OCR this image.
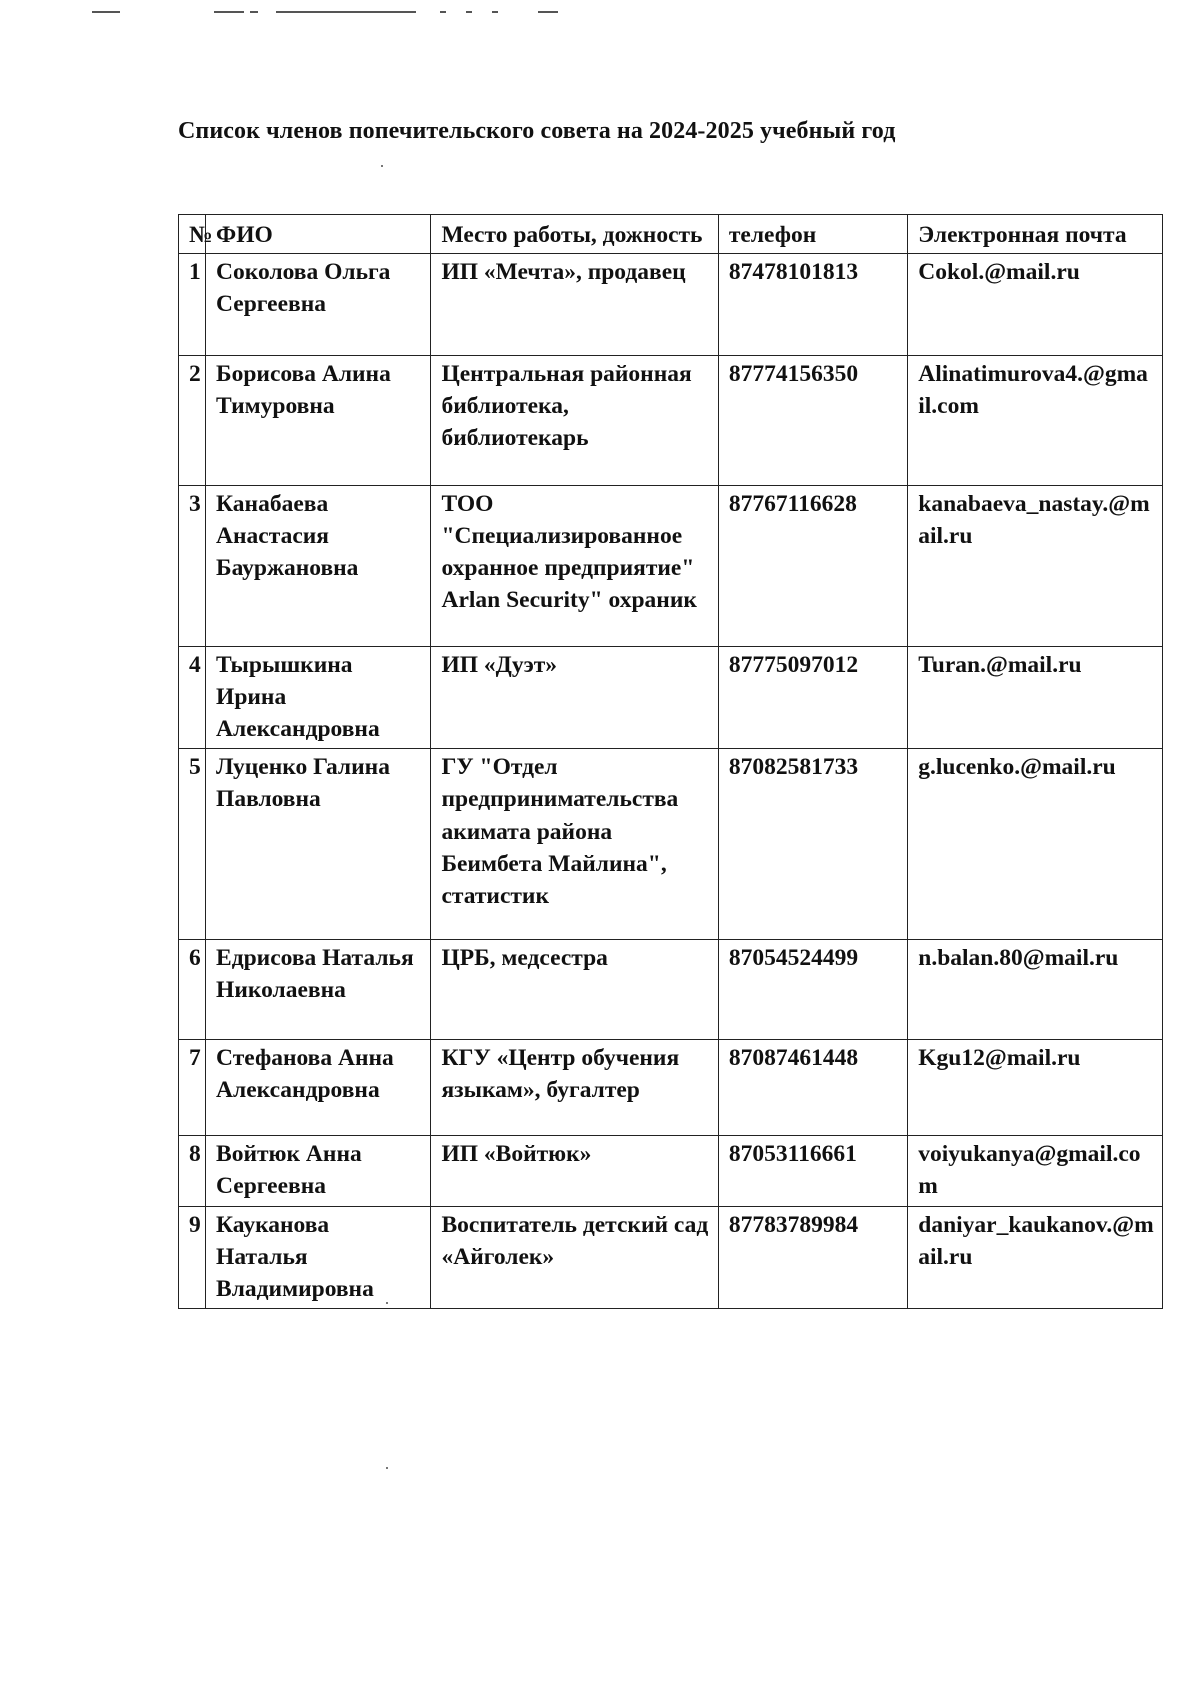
Список членов попечительского совета на 2024-2025 учебный год
№	ФИО	Место работы, дожность	телефон	Электронная почта
1	Соколова Ольга Сергеевна	ИП «Мечта», продавец	87478101813	Cokol.@mail.ru
2	Борисова Алина Тимуровна	Центральная районная библиотека, библиотекарь	87774156350	Alinatimurova4.@gmail.com
3	Канабаева Анастасия Бауржановна	ТОО "Специализированное охранное предприятие" Arlan Security" охраник	87767116628	kanabaeva_nastay.@mail.ru
4	Тырышкина Ирина Александровна	ИП «Дуэт»	87775097012	Turan.@mail.ru
5	Луценко Галина Павловна	ГУ "Отдел предпринимательства акимата района Беимбета Майлина", статистик	87082581733	g.lucenko.@mail.ru
6	Едрисова Наталья Николаевна	ЦРБ, медсестра	87054524499	n.balan.80@mail.ru
7	Стефанова Анна Александровна	КГУ «Центр обучения языкам», бугалтер	87087461448	Kgu12@mail.ru
8	Войтюк Анна Сергеевна	ИП «Войтюк»	87053116661	voiyukanya@gmail.com
9	Кауканова Наталья Владимировна	Воспитатель детский сад «Айголек»	87783789984	daniyar_kaukanov.@mail.ru
